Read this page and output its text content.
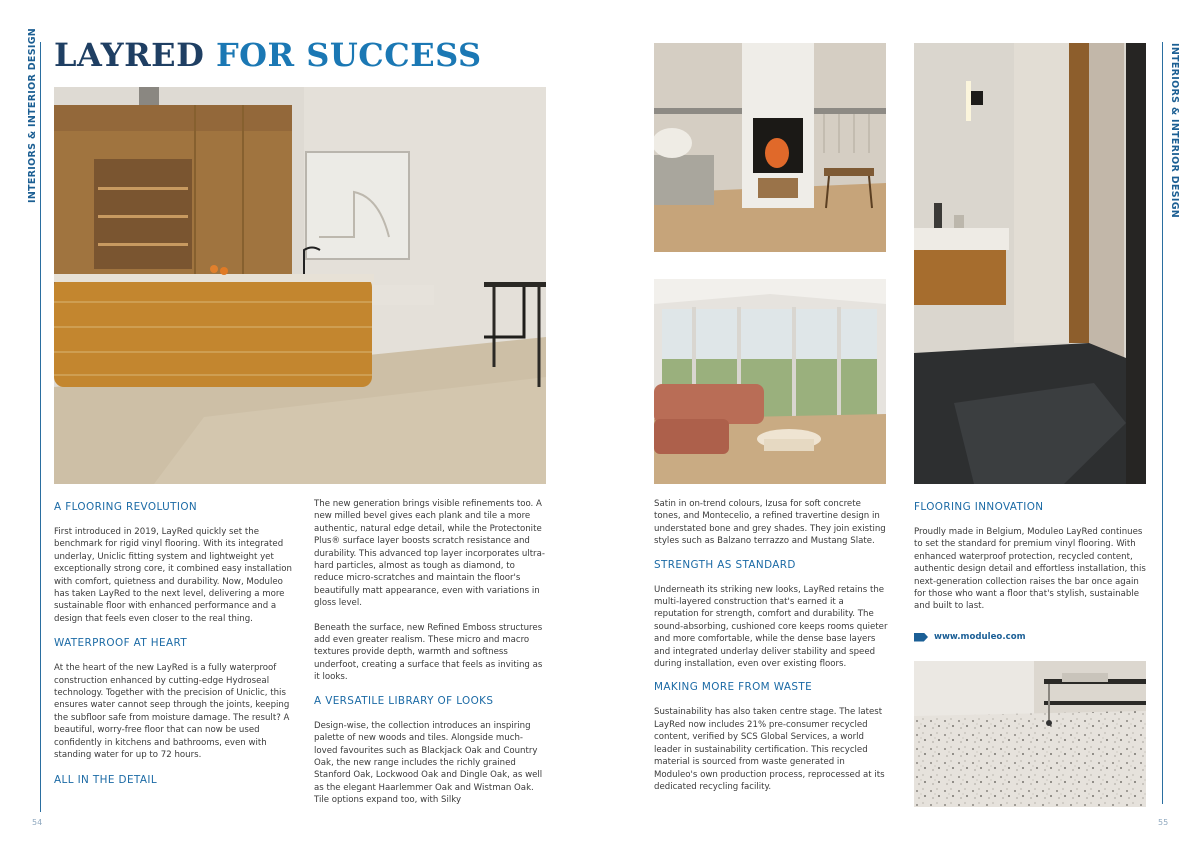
INTERIORS & INTERIOR DESIGN	INTERIORS & INTERIOR DESIGN
LAYRED FOR SUCCESS
A FLOORING REVOLUTION

First introduced in 2019, LayRed quickly set the benchmark for rigid vinyl flooring. With its integrated underlay, Uniclic fitting system and lightweight yet exceptionally strong core, it combined easy installation with comfort, quietness and durability. Now, Moduleo has taken LayRed to the next level, delivering a more sustainable floor with enhanced performance and a design that feels even closer to the real thing.

WATERPROOF AT HEART

At the heart of the new LayRed is a fully waterproof construction enhanced by cutting-edge Hydroseal technology. Together with the precision of Uniclic, this ensures water cannot seep through the joints, keeping the subfloor safe from moisture damage. The result? A beautiful, worry-free floor that can now be used confidently in kitchens and bathrooms, even with standing water for up to 72 hours.

ALL IN THE DETAIL

The new generation brings visible refinements too. A new milled bevel gives each plank and tile a more authentic, natural edge detail, while the Protectonite Plus® surface layer boosts scratch resistance and durability. This advanced top layer incorporates ultra-hard particles, almost as tough as diamond, to reduce micro-scratches and maintain the floor's beautifully matt appearance, even with variations in gloss level.

Beneath the surface, new Refined Emboss structures add even greater realism. These micro and macro textures provide depth, warmth and softness underfoot, creating a surface that feels as inviting as it looks.

A VERSATILE LIBRARY OF LOOKS

Design-wise, the collection introduces an inspiring palette of new woods and tiles. Alongside much-loved favourites such as Blackjack Oak and Country Oak, the new range includes the richly grained Stanford Oak, Lockwood Oak and Dingle Oak, as well as the elegant Haarlemmer Oak and Wistman Oak. Tile options expand too, with Silky

Satin in on-trend colours, Izusa for soft concrete tones, and Montecelio, a refined travertine design in understated bone and grey shades. They join existing styles such as Balzano terrazzo and Mustang Slate.

STRENGTH AS STANDARD

Underneath its striking new looks, LayRed retains the multi-layered construction that's earned it a reputation for strength, comfort and durability. The sound-absorbing, cushioned core keeps rooms quieter and more comfortable, while the dense base layers and integrated underlay deliver stability and speed during installation, even over existing floors.

MAKING MORE FROM WASTE

Sustainability has also taken centre stage. The latest LayRed now includes 21% pre-consumer recycled content, verified by SCS Global Services, a world leader in sustainability certification. This recycled material is sourced from waste generated in Moduleo's own production process, reprocessed at its dedicated recycling facility.

FLOORING INNOVATION

Proudly made in Belgium, Moduleo LayRed continues to set the standard for premium vinyl flooring. With enhanced waterproof protection, recycled content, authentic design detail and effortless installation, this next-generation collection raises the bar once again for those who want a floor that's stylish, sustainable and built to last.

www.moduleo.com
54	55
